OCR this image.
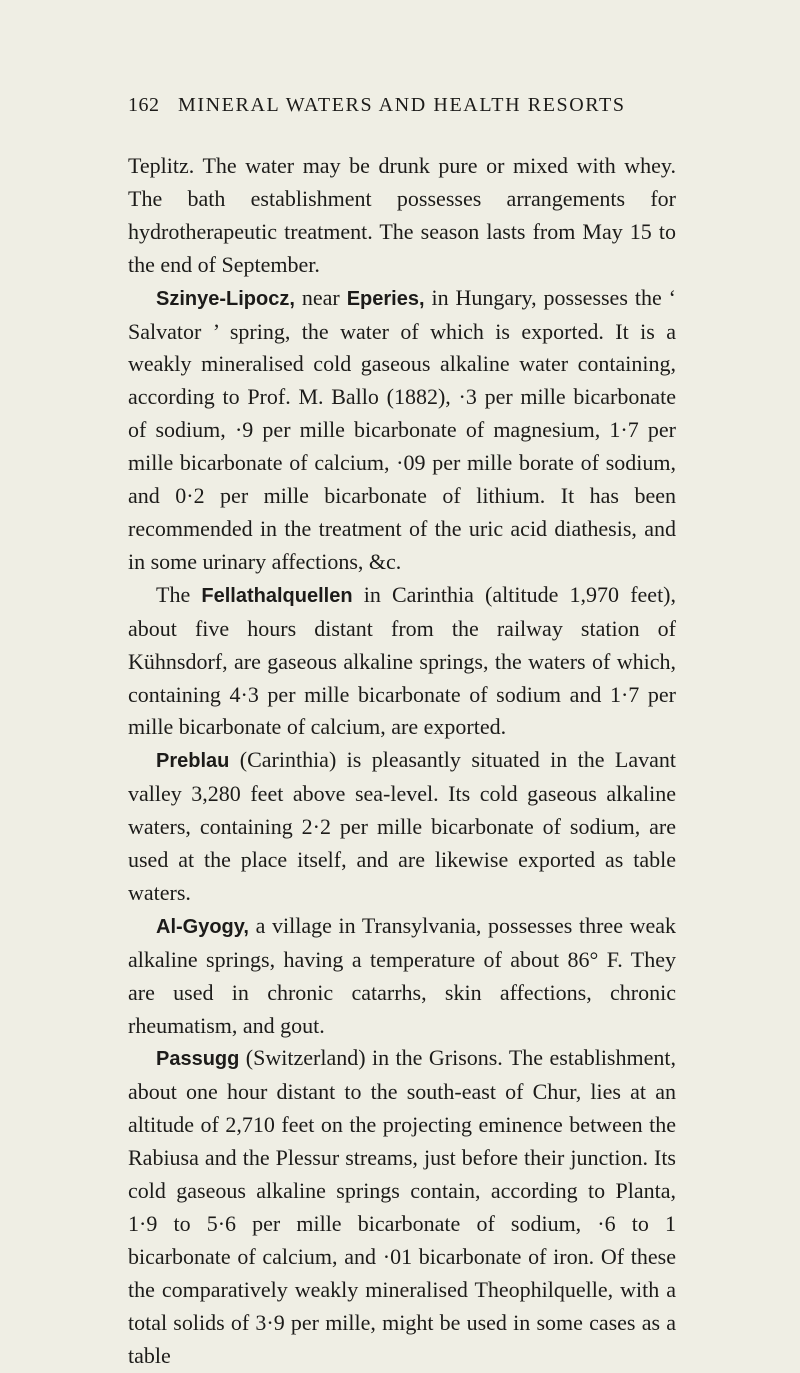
162 MINERAL WATERS AND HEALTH RESORTS

Teplitz. The water may be drunk pure or mixed with whey. The bath establishment possesses arrangements for hydrotherapeutic treatment. The season lasts from May 15 to the end of September.

Szinye-Lipocz, near Eperies, in Hungary, possesses the ‘ Salvator ’ spring, the water of which is exported. It is a weakly mineralised cold gaseous alkaline water containing, according to Prof. M. Ballo (1882), ·3 per mille bicarbonate of sodium, ·9 per mille bicarbonate of magnesium, 1·7 per mille bicarbonate of calcium, ·09 per mille borate of sodium, and 0·2 per mille bicarbonate of lithium. It has been recommended in the treatment of the uric acid diathesis, and in some urinary affections, &c.

The Fellathalquellen in Carinthia (altitude 1,970 feet), about five hours distant from the railway station of Kühnsdorf, are gaseous alkaline springs, the waters of which, containing 4·3 per mille bicarbonate of sodium and 1·7 per mille bicarbonate of calcium, are exported.

Preblau (Carinthia) is pleasantly situated in the Lavant valley 3,280 feet above sea-level. Its cold gaseous alkaline waters, containing 2·2 per mille bicarbonate of sodium, are used at the place itself, and are likewise exported as table waters.

Al-Gyogy, a village in Transylvania, possesses three weak alkaline springs, having a temperature of about 86° F. They are used in chronic catarrhs, skin affections, chronic rheumatism, and gout.

Passugg (Switzerland) in the Grisons. The establishment, about one hour distant to the south-east of Chur, lies at an altitude of 2,710 feet on the projecting eminence between the Rabiusa and the Plessur streams, just before their junction. Its cold gaseous alkaline springs contain, according to Planta, 1·9 to 5·6 per mille bicarbonate of sodium, ·6 to 1 bicarbonate of calcium, and ·01 bicarbonate of iron. Of these the comparatively weakly mineralised Theophilquelle, with a total solids of 3·9 per mille, might be used in some cases as a table
